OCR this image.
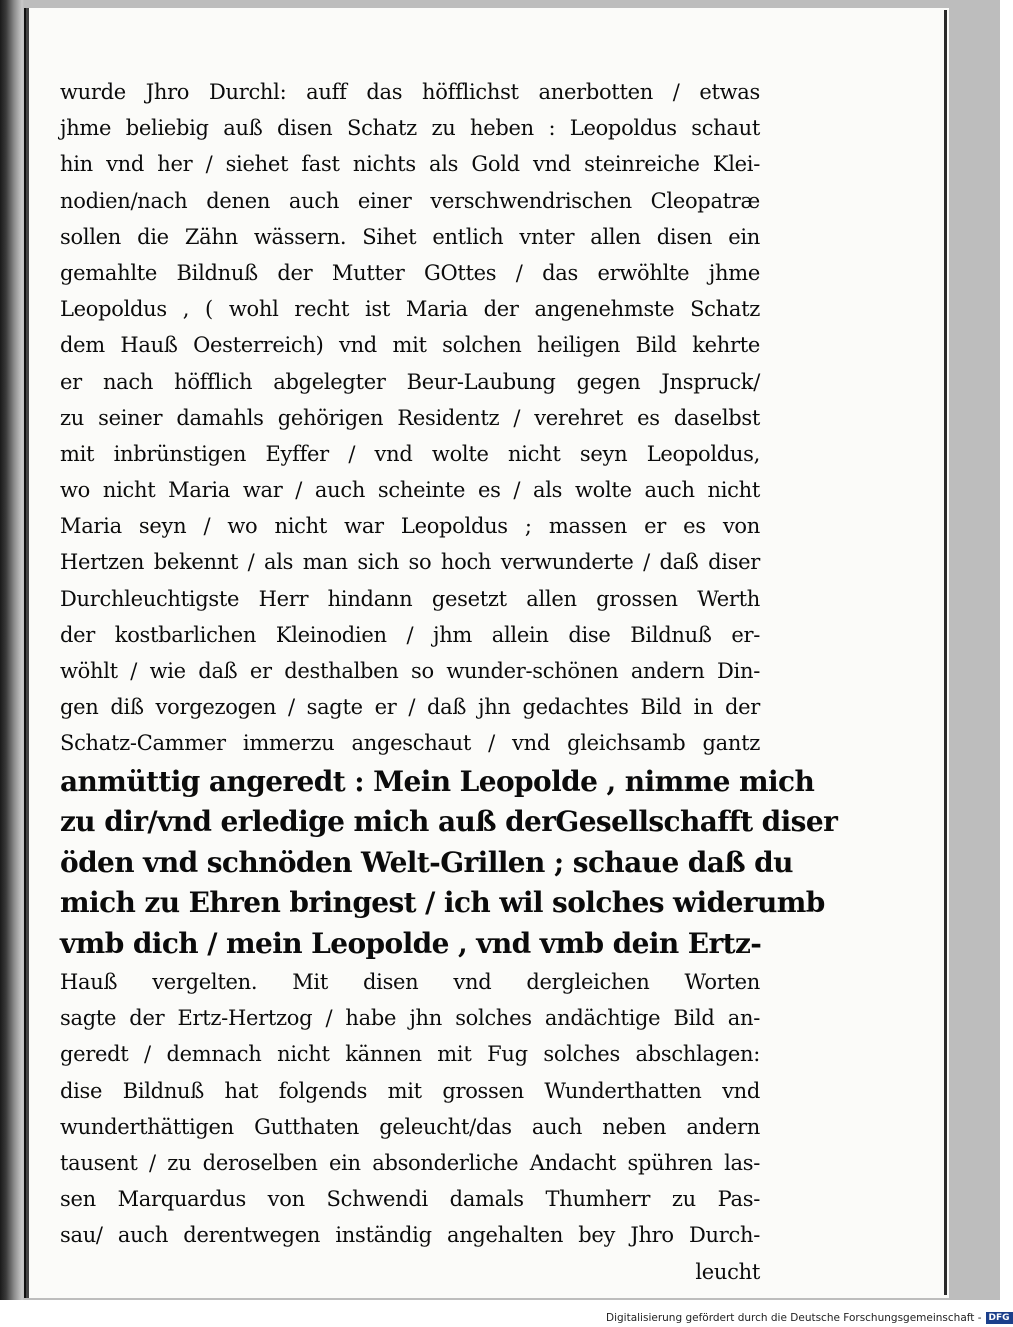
wurde Jhro Durchl: auff das höfflichst anerbotten / etwas
jhme beliebig auß disen Schatz zu heben : Leopoldus schaut
hin vnd her / siehet fast nichts als Gold vnd steinreiche Klei-
nodien/nach denen auch einer verschwendrischen Cleopatræ
sollen die Zähn wässern. Sihet entlich vnter allen disen ein
gemahlte Bildnuß der Mutter GOttes / das erwöhlte jhme
Leopoldus , ( wohl recht ist Maria der angenehmste Schatz
dem Hauß Oesterreich) vnd mit solchen heiligen Bild kehrte
er nach höfflich abgelegter Beur-Laubung gegen Jnspruck/
zu seiner damahls gehörigen Residentz / verehret es daselbst
mit inbrünstigen Eyffer / vnd wolte nicht seyn Leopoldus,
wo nicht Maria war / auch scheinte es / als wolte auch nicht
Maria seyn / wo nicht war Leopoldus ; massen er es von
Hertzen bekennt / als man sich so hoch verwunderte / daß diser
Durchleuchtigste Herr hindann gesetzt allen grossen Werth
der kostbarlichen Kleinodien / jhm allein dise Bildnuß er-
wöhlt / wie daß er desthalben so wunder-schönen andern Din-
gen diß vorgezogen / sagte er / daß jhn gedachtes Bild in der
Schatz-Cammer immerzu angeschaut / vnd gleichsamb gantz
anmüttig angeredt : Mein Leopolde , nimme mich
zu dir/vnd erledige mich auß derGesellschafft diser
öden vnd schnöden Welt-Grillen ; schaue daß du
mich zu Ehren bringest / ich wil solches widerumb
vmb dich / mein Leopolde , vnd vmb dein Ertz-
Hauß vergelten. Mit disen vnd dergleichen Worten
sagte der Ertz-Hertzog / habe jhn solches andächtige Bild an-
geredt / demnach nicht kännen mit Fug solches abschlagen:
dise Bildnuß hat folgends mit grossen Wunderthatten vnd
wunderthättigen Gutthaten geleucht/das auch neben andern
tausent / zu deroselben ein absonderliche Andacht spühren las-
sen Marquardus von Schwendi damals Thumherr zu Pas-
sau/ auch derentwegen inständig angehalten bey Jhro Durch-
leucht
Digitalisierung gefördert durch die Deutsche Forschungsgemeinschaft - DFG
